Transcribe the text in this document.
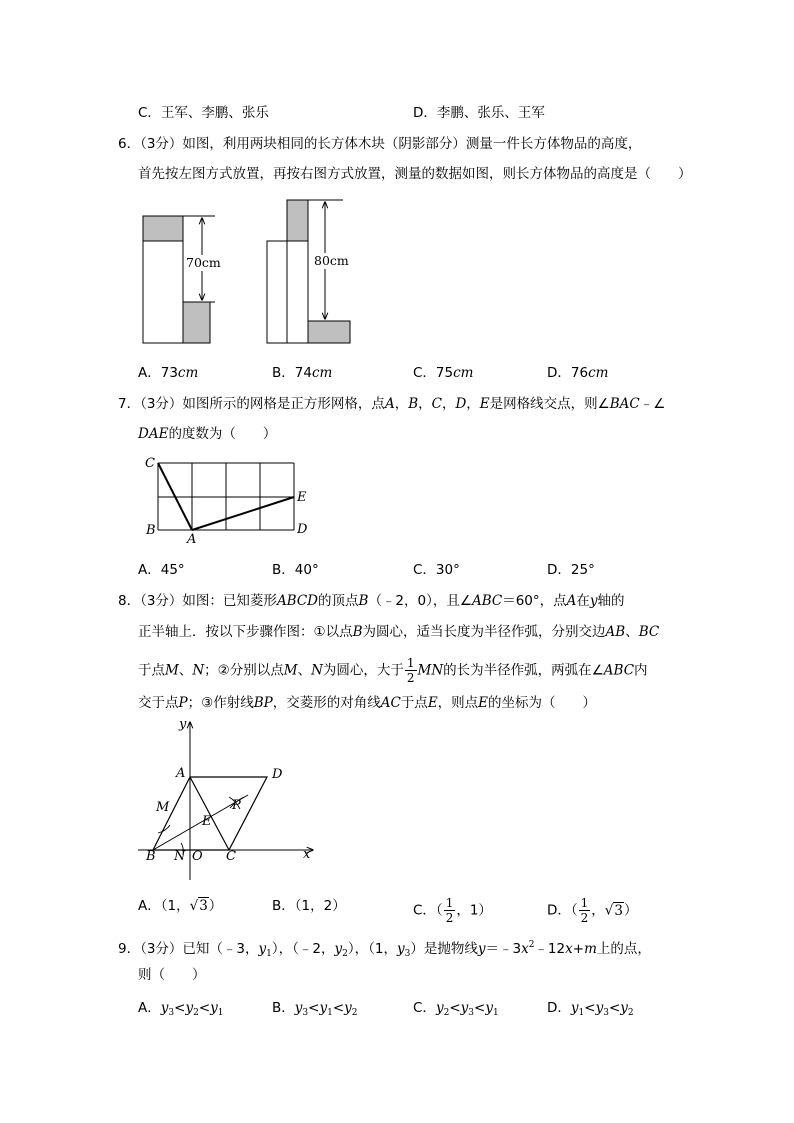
C．王军、李鹏、张乐	D．李鹏、张乐、王军
6．（3分）如图，利用两块相同的长方体木块（阴影部分）测量一件长方体物品的高度，
首先按左图方式放置，再按右图方式放置，测量的数据如图，则长方体物品的高度是（　　）
70cm	80cm
A．73cm	B．74cm	C．75cm	D．76cm
7．（3分）如图所示的网格是正方形网格，点A，B，C，D，E是网格线交点，则∠BAC﹣∠
DAE的度数为（　　）
C
B
A
E
D
A．45°	B．40°	C．30°	D．25°
8．（3分）如图：已知菱形ABCD的顶点B（﹣2，0），且∠ABC＝60°，点A在y轴的
正半轴上．按以下步骤作图：①以点B为圆心，适当长度为半径作弧，分别交边AB、BC
于点M、N；②分别以点M、N为圆心，大于 $\frac{1}{2}$ MN的长为半径作弧，两弧在∠ABC内
交于点P；③作射线BP，交菱形的对角线AC于点E，则点E的坐标为（　　）
y
x
A	D
M	P
E
B N O C
A．（1，√3）	B．（1，2）	C．（ $\frac{1}{2}$ ，1）	D．（ $\frac{1}{2}$ ，√3）
9．（3分）已知（﹣3，$y_1$），（﹣2，$y_2$），（1，$y_3$）是抛物线$y=﹣3x^2﹣12x+m$上的点，
则（　　）
A．$y_3<y_2<y_1$	B．$y_3<y_1<y_2$	C．$y_2<y_3<y_1$	D．$y_1<y_3<y_2$
